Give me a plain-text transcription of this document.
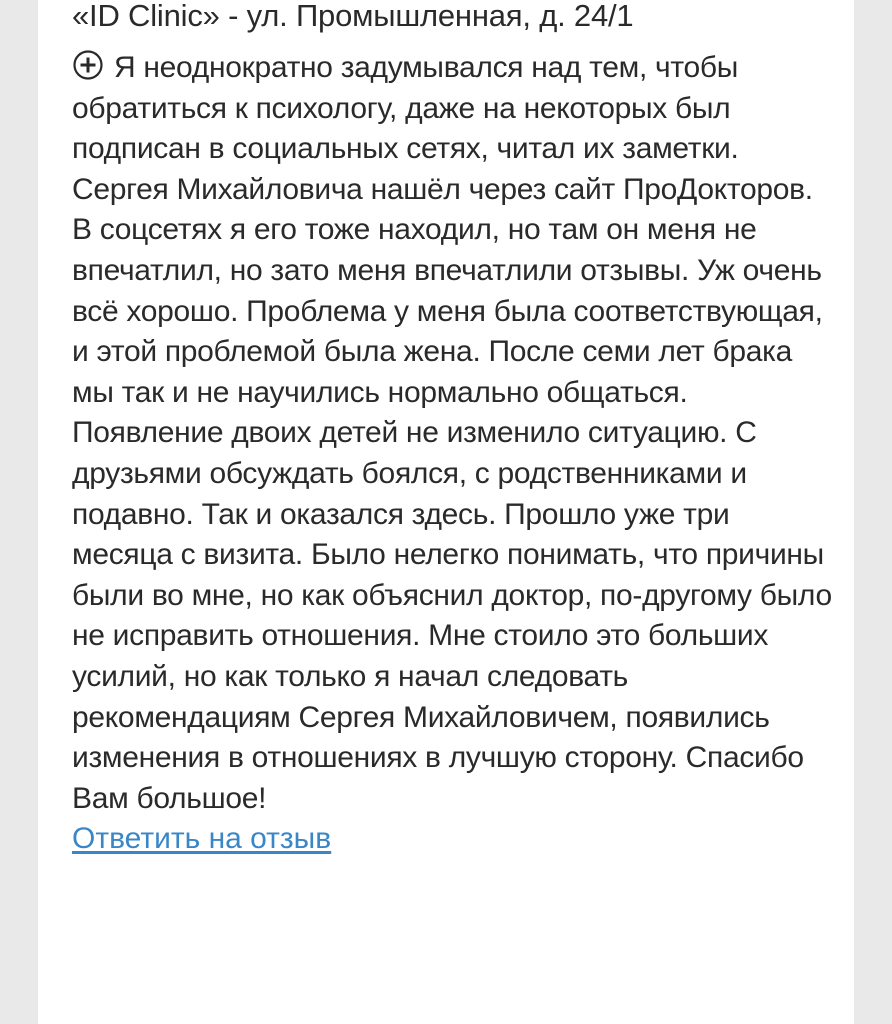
«ID Clinic» - ул. Промышленная, д. 24/1
Я неоднократно задумывался над тем, чтобы обратиться к психологу, даже на некоторых был подписан в социальных сетях, читал их заметки. Сергея Михайловича нашёл через сайт ПроДокторов. В соцсетях я его тоже находил, но там он меня не впечатлил, но зато меня впечатлили отзывы. Уж очень всё хорошо. Проблема у меня была соответствующая, и этой проблемой была жена. После семи лет брака мы так и не научились нормально общаться. Появление двоих детей не изменило ситуацию. С друзьями обсуждать боялся, с родственниками и подавно. Так и оказался здесь. Прошло уже три месяца с визита. Было нелегко понимать, что причины были во мне, но как объяснил доктор, по-другому было не исправить отношения. Мне стоило это больших усилий, но как только я начал следовать рекомендациям Сергея Михайловичем, появились изменения в отношениях в лучшую сторону. Спасибо Вам большое!
Ответить на отзыв
